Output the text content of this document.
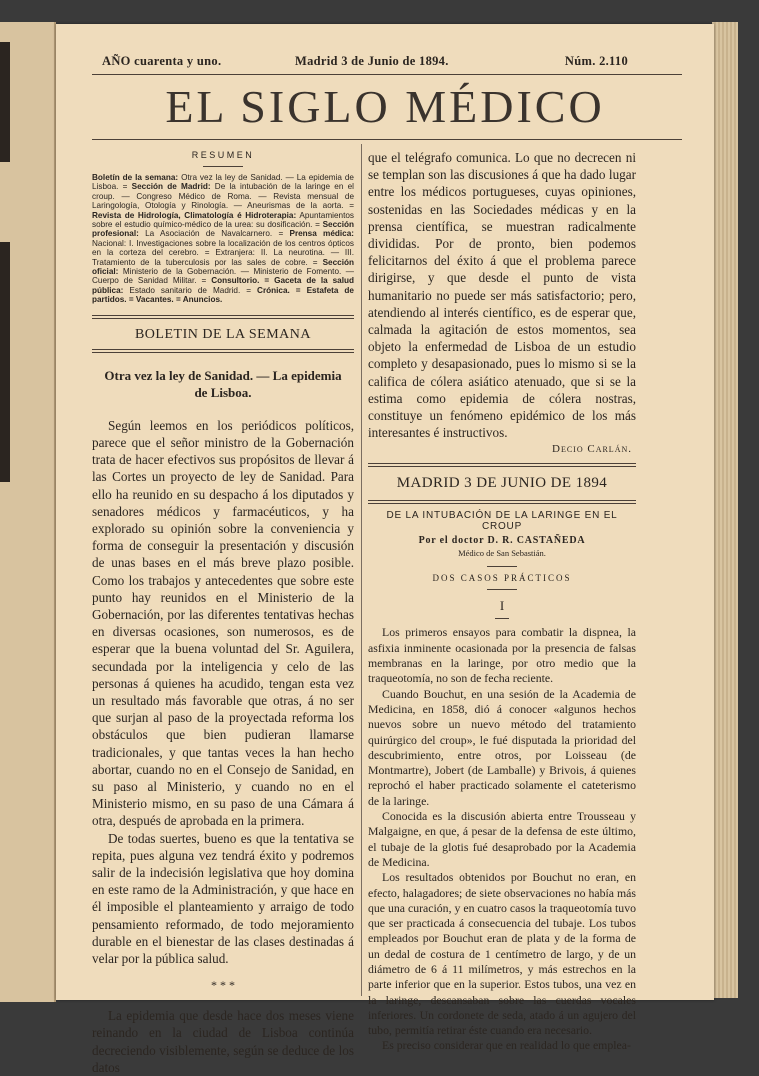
AÑO cuarenta y uno.	Madrid 3 de Junio de 1894.	Núm. 2.110
EL SIGLO MÉDICO
RESUMEN

Boletín de la semana: Otra vez la ley de Sanidad. — La epidemia de Lisboa. = Sección de Madrid: De la intubación de la laringe en el croup. — Congreso Médico de Roma. — Revista mensual de Laringología, Otología y Rinología. — Aneurismas de la aorta. = Revista de Hidrología, Climatología é Hidroterapia: Apuntamientos sobre el estudio químico-médico de la urea: su dosificación. = Sección profesional: La Asociación de Navalcarnero. = Prensa médica: Nacional: I. Investigaciones sobre la localización de los centros ópticos en la corteza del cerebro. = Extranjera: II. La neurotina. — III. Tratamiento de la tuberculosis por las sales de cobre. = Sección oficial: Ministerio de la Gobernación. — Ministerio de Fomento. — Cuerpo de Sanidad Militar. = Consultorio. = Gaceta de la salud pública: Estado sanitario de Madrid. = Crónica. = Estafeta de partidos. = Vacantes. = Anuncios.

BOLETIN DE LA SEMANA
Otra vez la ley de Sanidad. — La epidemia de Lisboa.

Según leemos en los periódicos políticos, parece que el señor ministro de la Gobernación trata de hacer efectivos sus propósitos de llevar á las Cortes un proyecto de ley de Sanidad. Para ello ha reunido en su despacho á los diputados y senadores médicos y farmacéuticos, y ha explorado su opinión sobre la conveniencia y forma de conseguir la presentación y discusión de unas bases en el más breve plazo posible. Como los trabajos y antecedentes que sobre este punto hay reunidos en el Ministerio de la Gobernación, por las diferentes tentativas hechas en diversas ocasiones, son numerosos, es de esperar que la buena voluntad del Sr. Aguilera, secundada por la inteligencia y celo de las personas á quienes ha acudido, tengan esta vez un resultado más favorable que otras, á no ser que surjan al paso de la proyectada reforma los obstáculos que bien pudieran llamarse tradicionales, y que tantas veces la han hecho abortar, cuando no en el Consejo de Sanidad, en su paso al Ministerio, y cuando no en el Ministerio mismo, en su paso de una Cámara á otra, después de aprobada en la primera.

De todas suertes, bueno es que la tentativa se repita, pues alguna vez tendrá éxito y podremos salir de la indecisión legislativa que hoy domina en este ramo de la Administración, y que hace en él imposible el planteamiento y arraigo de todo pensamiento reformado, de todo mejoramiento durable en el bienestar de las clases destinadas á velar por la pública salud.

* * *

La epidemia que desde hace dos meses viene reinando en la ciudad de Lisboa continúa decreciendo visiblemente, según se deduce de los datos

que el telégrafo comunica. Lo que no decrecen ni se templan son las discusiones á que ha dado lugar entre los médicos portugueses, cuyas opiniones, sostenidas en las Sociedades médicas y en la prensa científica, se muestran radicalmente divididas. Por de pronto, bien podemos felicitarnos del éxito á que el problema parece dirigirse, y que desde el punto de vista humanitario no puede ser más satisfactorio; pero, atendiendo al interés científico, es de esperar que, calmada la agitación de estos momentos, sea objeto la enfermedad de Lisboa de un estudio completo y desapasionado, pues lo mismo si se la califica de cólera asiático atenuado, que si se la estima como epidemia de cólera nostras, constituye un fenómeno epidémico de los más interesantes é instructivos.

Decio Carlán.
MADRID 3 DE JUNIO DE 1894
DE LA INTUBACIÓN DE LA LARINGE EN EL CROUP
Por el doctor D. R. CASTAÑEDA
Médico de San Sebastián.
DOS CASOS PRÁCTICOS
I

Los primeros ensayos para combatir la dispnea, la asfixia inminente ocasionada por la presencia de falsas membranas en la laringe, por otro medio que la traqueotomía, no son de fecha reciente.

Cuando Bouchut, en una sesión de la Academia de Medicina, en 1858, dió á conocer «algunos hechos nuevos sobre un nuevo método del tratamiento quirúrgico del croup», le fué disputada la prioridad del descubrimiento, entre otros, por Loisseau (de Montmartre), Jobert (de Lamballe) y Brivois, á quienes reprochó el haber practicado solamente el cateterismo de la laringe.

Conocida es la discusión abierta entre Trousseau y Malgaigne, en que, á pesar de la defensa de este último, el tubaje de la glotis fué desaprobado por la Academia de Medicina.

Los resultados obtenidos por Bouchut no eran, en efecto, halagadores; de siete observaciones no había más que una curación, y en cuatro casos la traqueotomía tuvo que ser practicada á consecuencia del tubaje. Los tubos empleados por Bouchut eran de plata y de la forma de un dedal de costura de 1 centímetro de largo, y de un diámetro de 6 á 11 milímetros, y más estrechos en la parte inferior que en la superior. Estos tubos, una vez en la laringe, descansaban sobre las cuerdas vocales inferiores. Un cordonete de seda, atado á un agujero del tubo, permitía retirar éste cuando era necesario.

Es preciso considerar que en realidad lo que emplea-
